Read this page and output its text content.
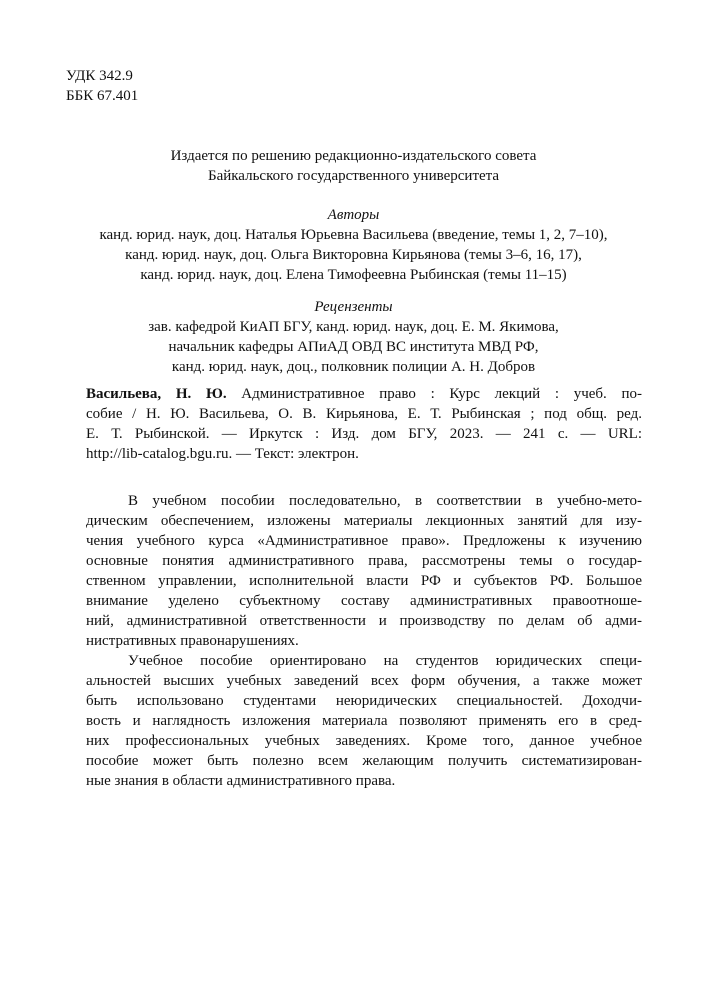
УДК 342.9
ББК 67.401
Издается по решению редакционно-издательского совета
Байкальского государственного университета
Авторы
канд. юрид. наук, доц. Наталья Юрьевна Васильева (введение, темы 1, 2, 7–10),
канд. юрид. наук, доц. Ольга Викторовна Кирьянова (темы 3–6, 16, 17),
канд. юрид. наук, доц. Елена Тимофеевна Рыбинская (темы 11–15)
Рецензенты
зав. кафедрой КиАП БГУ, канд. юрид. наук, доц. Е. М. Якимова,
начальник кафедры АПиАД ОВД ВС института МВД РФ,
канд. юрид. наук, доц., полковник полиции А. Н. Добров
Васильева, Н. Ю. Административное право : Курс лекций : учеб. по-
собие / Н. Ю. Васильева, О. В. Кирьянова, Е. Т. Рыбинская ; под общ. ред.
Е. Т. Рыбинской. — Иркутск : Изд. дом БГУ, 2023. — 241 с. — URL:
http://lib-catalog.bgu.ru. — Текст: электрон.
В учебном пособии последовательно, в соответствии в учебно-мето-
дическим обеспечением, изложены материалы лекционных занятий для изу-
чения учебного курса «Административное право». Предложены к изучению
основные понятия административного права, рассмотрены темы о государ-
ственном управлении, исполнительной власти РФ и субъектов РФ. Большое
внимание уделено субъектному составу административных правоотноше-
ний, административной ответственности и производству по делам об адми-
нистративных правонарушениях.
Учебное пособие ориентировано на студентов юридических специ-
альностей высших учебных заведений всех форм обучения, а также может
быть использовано студентами неюридических специальностей. Доходчи-
вость и наглядность изложения материала позволяют применять его в сред-
них профессиональных учебных заведениях. Кроме того, данное учебное
пособие может быть полезно всем желающим получить систематизирован-
ные знания в области административного права.
